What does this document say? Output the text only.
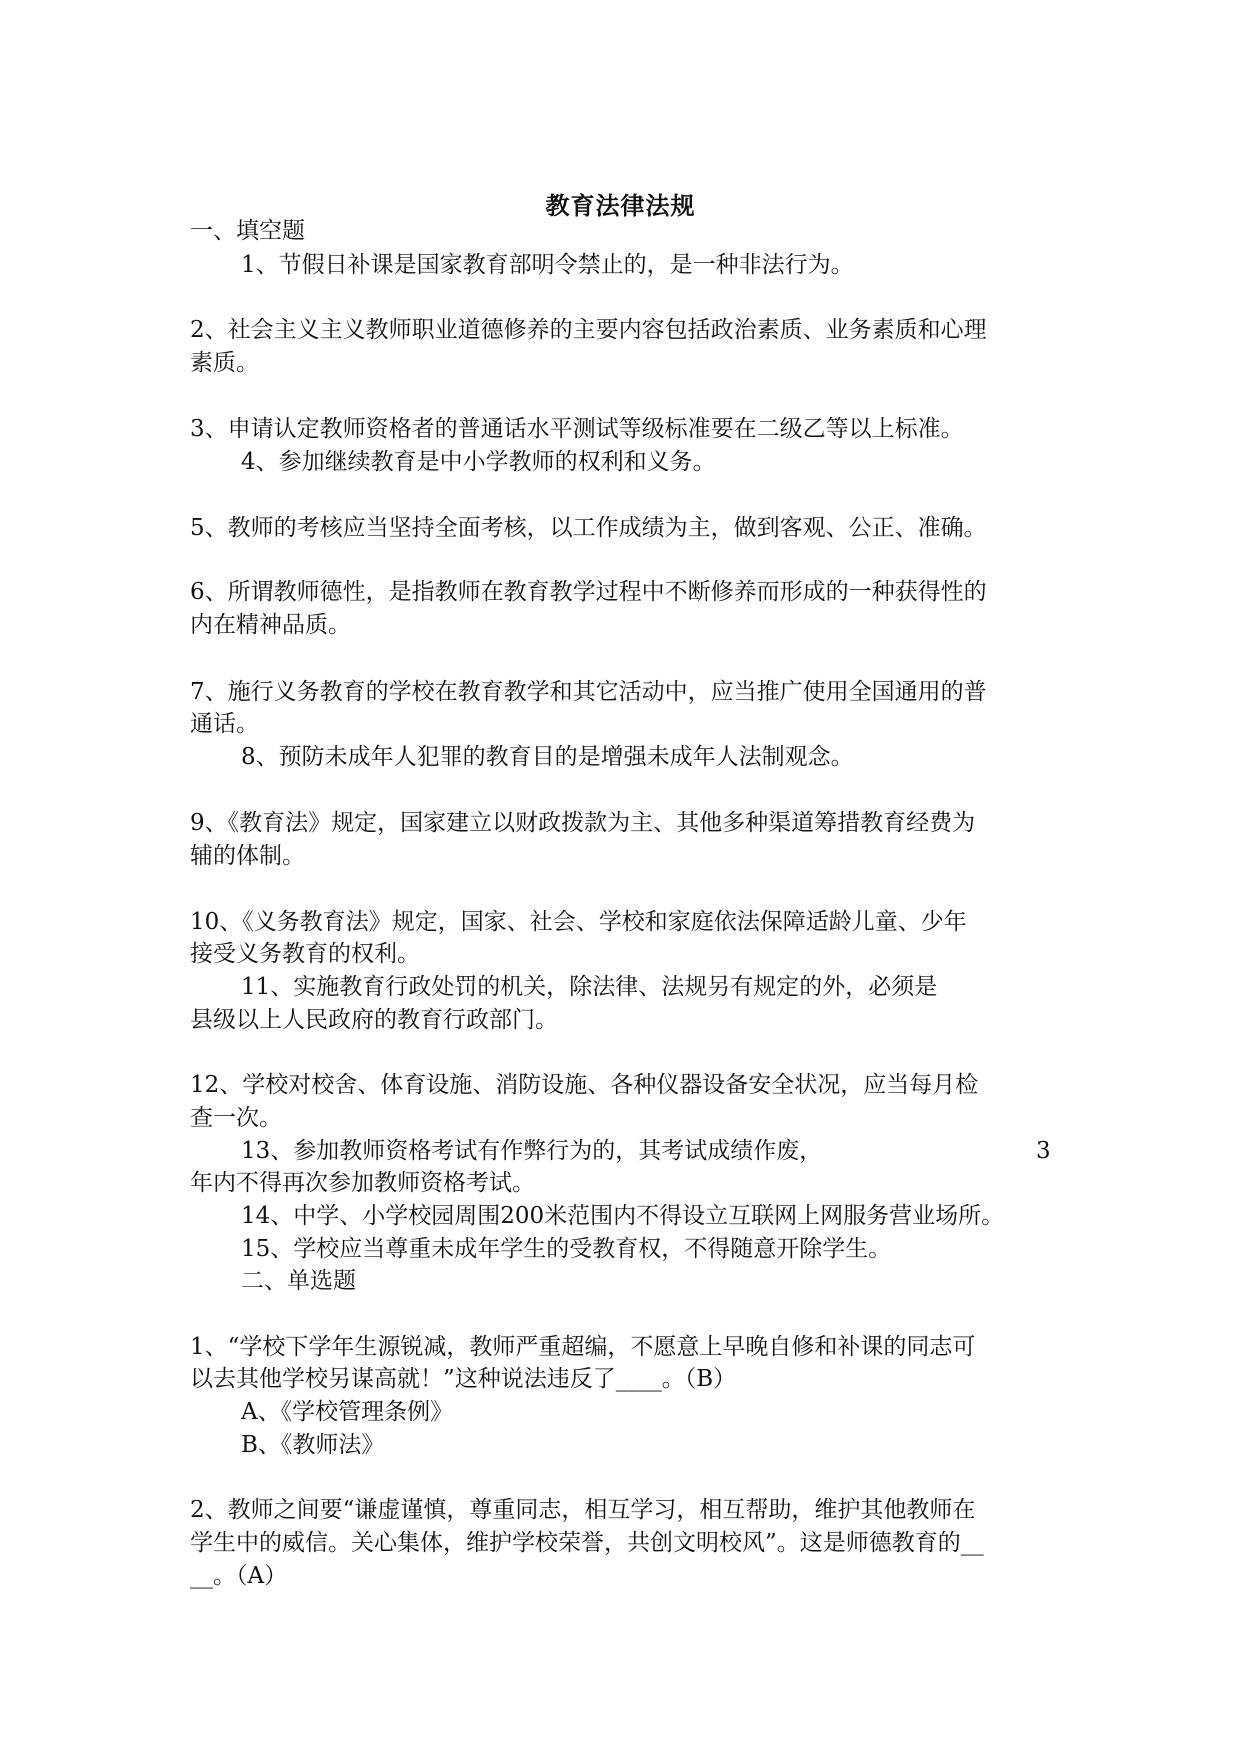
教育法律法规
一、填空题
1、节假日补课是国家教育部明令禁止的，是一种非法行为。
2、社会主义主义教师职业道德修养的主要内容包括政治素质、业务素质和心理
素质。
3、申请认定教师资格者的普通话水平测试等级标准要在二级乙等以上标准。
4、参加继续教育是中小学教师的权利和义务。
5、教师的考核应当坚持全面考核，以工作成绩为主，做到客观、公正、准确。
6、所谓教师德性，是指教师在教育教学过程中不断修养而形成的一种获得性的
内在精神品质。
7、施行义务教育的学校在教育教学和其它活动中，应当推广使用全国通用的普
通话。
8、预防未成年人犯罪的教育目的是增强未成年人法制观念。
9、《教育法》规定，国家建立以财政拨款为主、其他多种渠道筹措教育经费为
辅的体制。
10、《义务教育法》规定，国家、社会、学校和家庭依法保障适龄儿童、少年
接受义务教育的权利。
11、实施教育行政处罚的机关，除法律、法规另有规定的外，必须是
县级以上人民政府的教育行政部门。
12、学校对校舍、体育设施、消防设施、各种仪器设备安全状况，应当每月检
查一次。
13、参加教师资格考试有作弊行为的，其考试成绩作废，	3
年内不得再次参加教师资格考试。
14、中学、小学校园周围200米范围内不得设立互联网上网服务营业场所。
15、学校应当尊重未成年学生的受教育权，不得随意开除学生。
二、单选题
1、“学校下学年生源锐减，教师严重超编，不愿意上早晚自修和补课的同志可
以去其他学校另谋高就！”这种说法违反了____。（B）
A、《学校管理条例》
B、《教师法》
2、教师之间要“谦虚谨慎，尊重同志，相互学习，相互帮助，维护其他教师在
学生中的威信。关心集体，维护学校荣誉，共创文明校风”。这是师德教育的__
__。（A）
